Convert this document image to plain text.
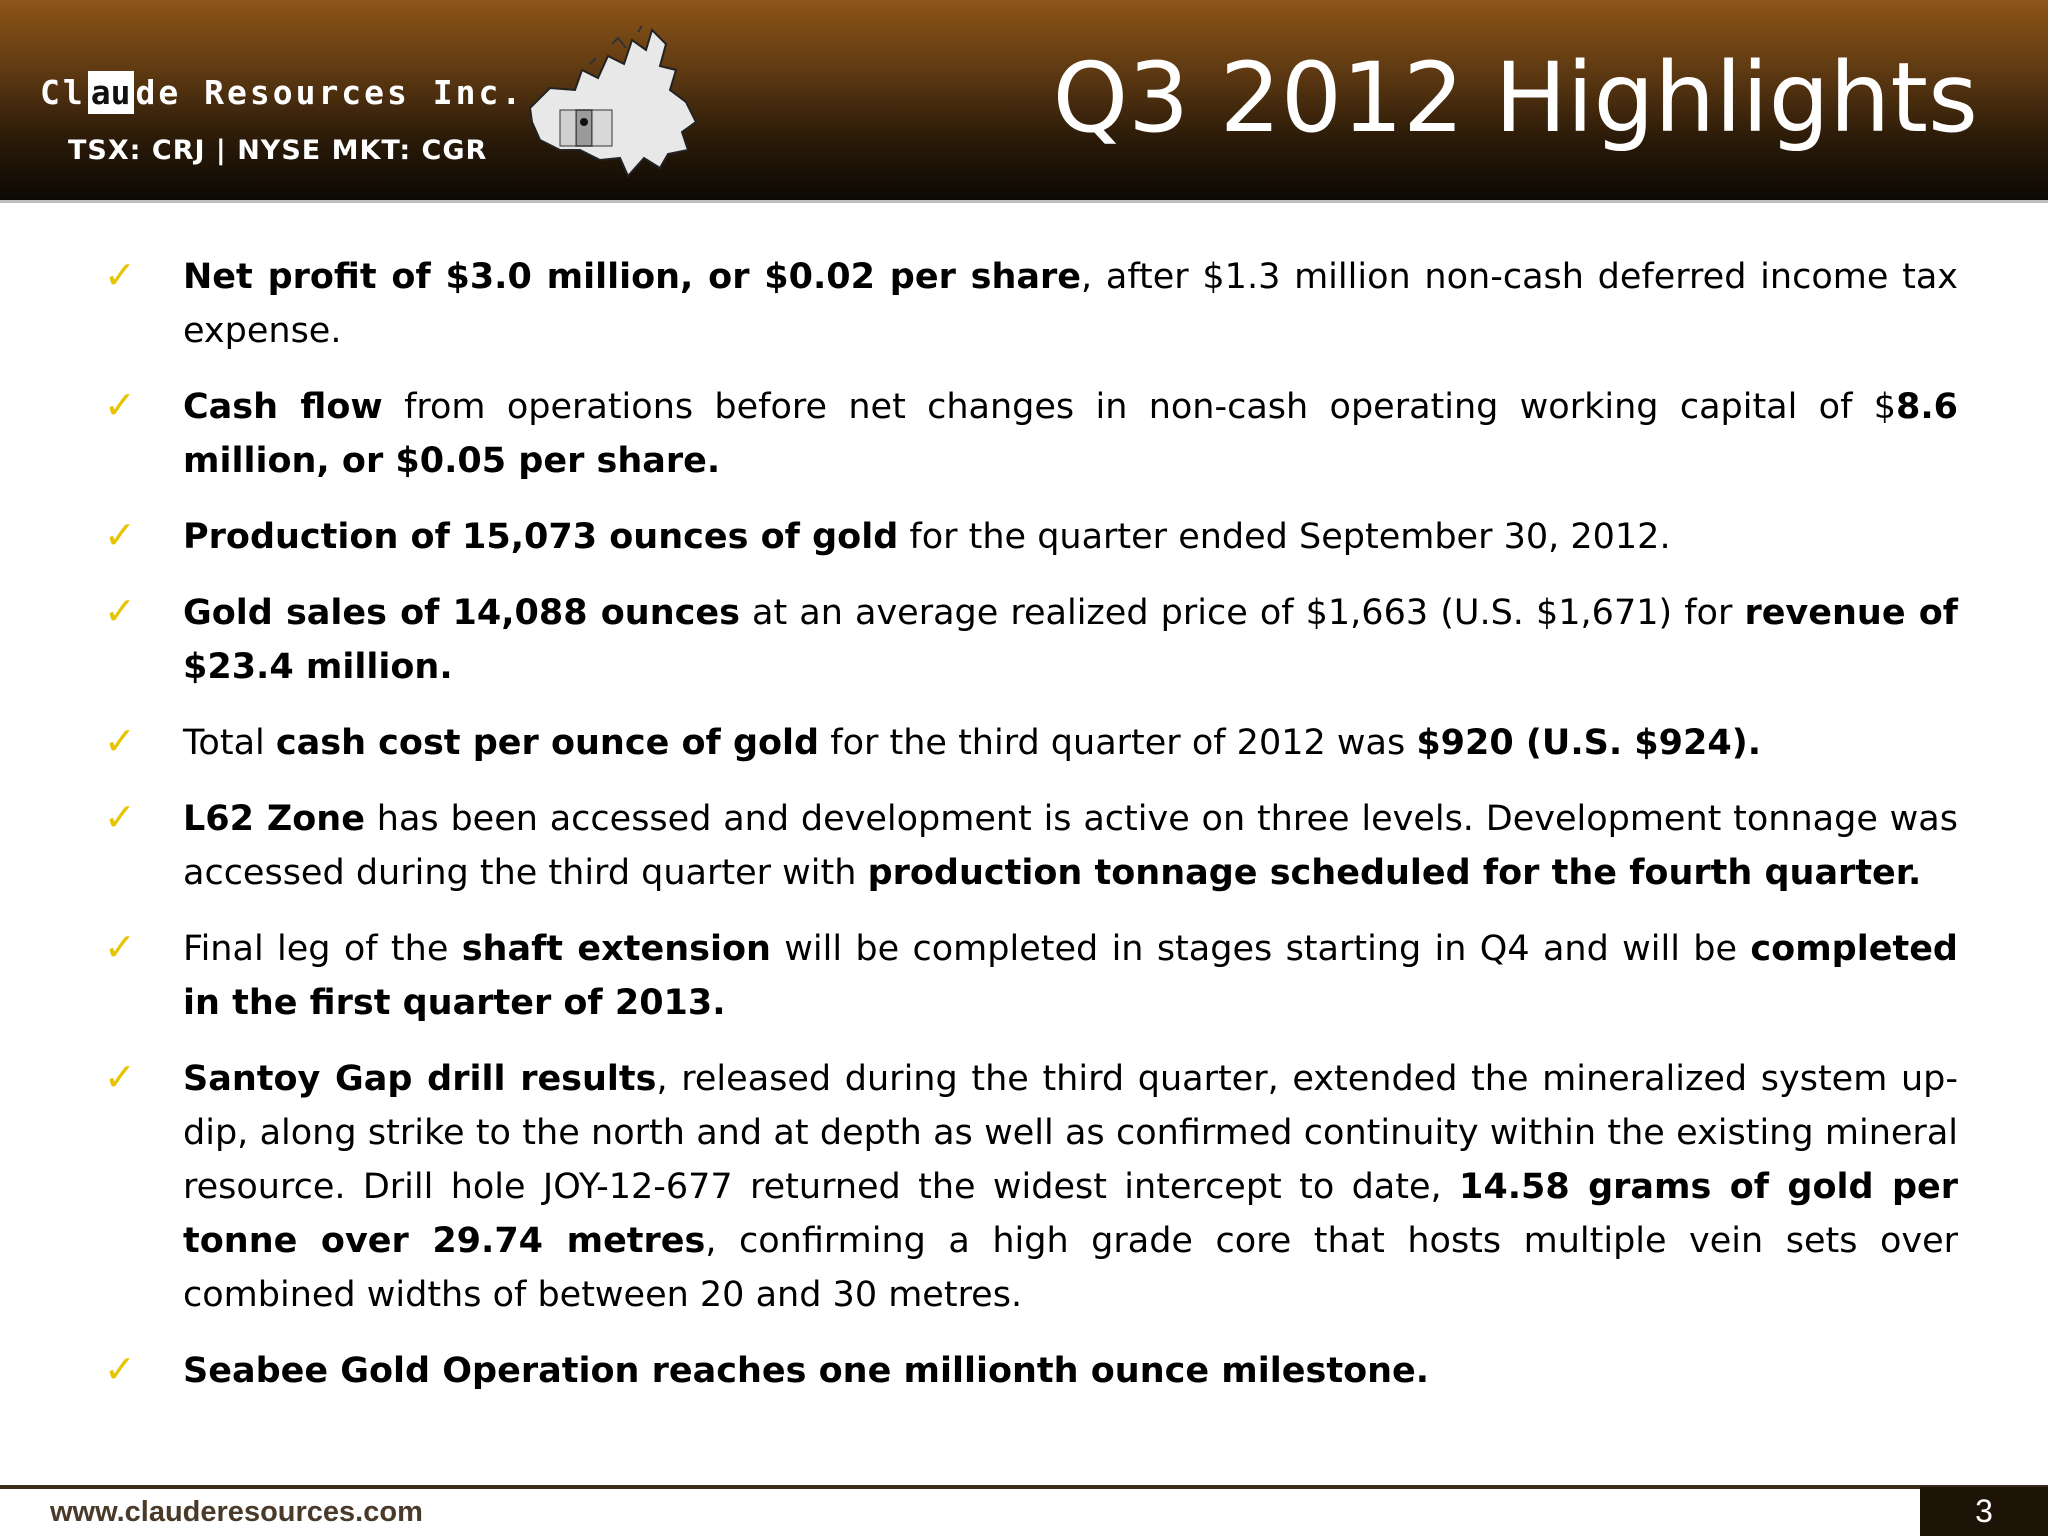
Cl au de Resources Inc.
TSX: CRJ | NYSE MKT: CGR	Q3 2012 Highlights
✓ Net profit of $3.0 million, or $0.02 per share, after $1.3 million non-cash deferred income tax expense.
✓ Cash flow from operations before net changes in non-cash operating working capital of $8.6 million, or $0.05 per share.
✓ Production of 15,073 ounces of gold for the quarter ended September 30, 2012.
✓ Gold sales of 14,088 ounces at an average realized price of $1,663 (U.S. $1,671) for revenue of $23.4 million.
✓ Total cash cost per ounce of gold for the third quarter of 2012 was $920 (U.S. $924).
✓ L62 Zone has been accessed and development is active on three levels. Development tonnage was accessed during the third quarter with production tonnage scheduled for the fourth quarter.
✓ Final leg of the shaft extension will be completed in stages starting in Q4 and will be completed in the first quarter of 2013.
✓ Santoy Gap drill results, released during the third quarter, extended the mineralized system up-dip, along strike to the north and at depth as well as confirmed continuity within the existing mineral resource. Drill hole JOY-12-677 returned the widest intercept to date, 14.58 grams of gold per tonne over 29.74 metres, confirming a high grade core that hosts multiple vein sets over combined widths of between 20 and 30 metres.
✓ Seabee Gold Operation reaches one millionth ounce milestone.
www.clauderesources.com	3
